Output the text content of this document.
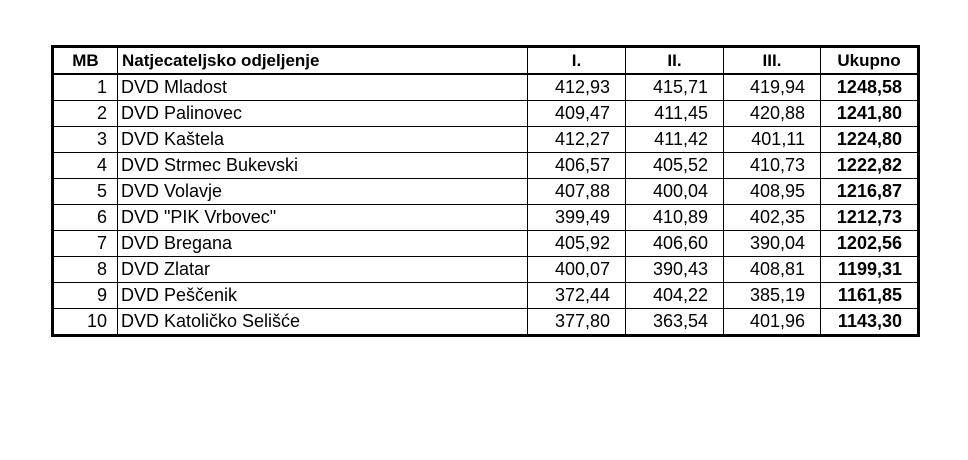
MB	Natjecateljsko odjeljenje	I.	II.	III.	Ukupno
1	DVD Mladost	412,93	415,71	419,94	1248,58
2	DVD Palinovec	409,47	411,45	420,88	1241,80
3	DVD Kaštela	412,27	411,42	401,11	1224,80
4	DVD Strmec Bukevski	406,57	405,52	410,73	1222,82
5	DVD Volavje	407,88	400,04	408,95	1216,87
6	DVD "PIK Vrbovec"	399,49	410,89	402,35	1212,73
7	DVD Bregana	405,92	406,60	390,04	1202,56
8	DVD Zlatar	400,07	390,43	408,81	1199,31
9	DVD Peščenik	372,44	404,22	385,19	1161,85
10	DVD Katoličko Selišće	377,80	363,54	401,96	1143,30
